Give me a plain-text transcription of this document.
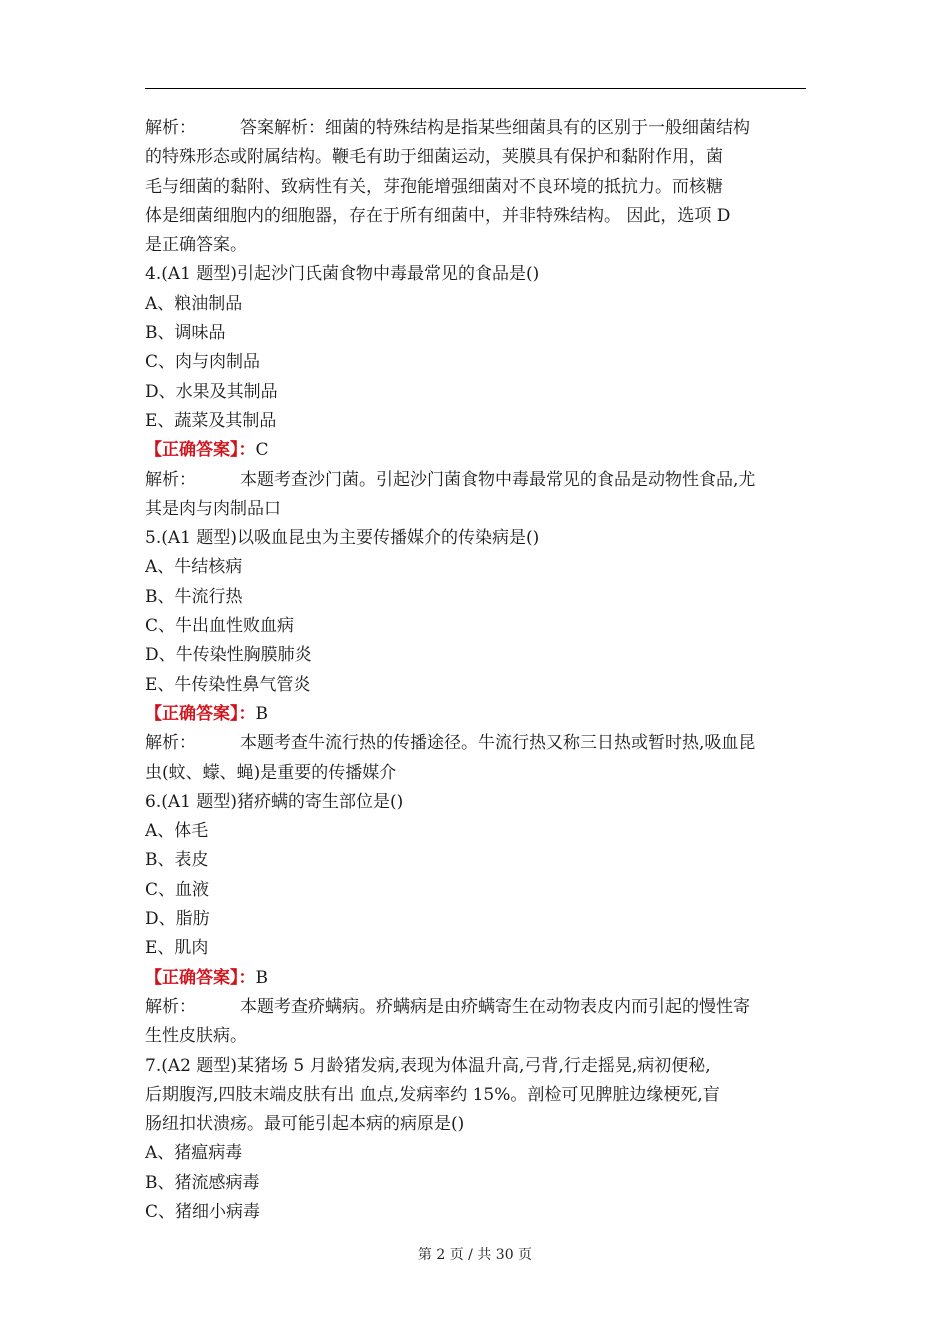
解析：	答案解析：细菌的特殊结构是指某些细菌具有的区别于一般细菌结构
的特殊形态或附属结构。鞭毛有助于细菌运动，荚膜具有保护和黏附作用，菌
毛与细菌的黏附、致病性有关，芽孢能增强细菌对不良环境的抵抗力。而核糖
体是细菌细胞内的细胞器，存在于所有细菌中，并非特殊结构。 因此，选项 D
是正确答案。
4.(A1 题型)引起沙门氏菌食物中毒最常见的食品是()
A、粮油制品
B、调味品
C、肉与肉制品
D、水果及其制品
E、蔬菜及其制品
【正确答案】：C
解析：	本题考查沙门菌。引起沙门菌食物中毒最常见的食品是动物性食品,尤
其是肉与肉制品口
5.(A1 题型)以吸血昆虫为主要传播媒介的传染病是()
A、牛结核病
B、牛流行热
C、牛出血性败血病
D、牛传染性胸膜肺炎
E、牛传染性鼻气管炎
【正确答案】：B
解析：	本题考查牛流行热的传播途径。牛流行热又称三日热或暂时热,吸血昆
虫(蚊、蠓、蝇)是重要的传播媒介
6.(A1 题型)猪疥螨的寄生部位是()
A、体毛
B、表皮
C、血液
D、脂肪
E、肌肉
【正确答案】：B
解析：	本题考查疥螨病。疥螨病是由疥螨寄生在动物表皮内而引起的慢性寄
生性皮肤病。
7.(A2 题型)某猪场 5 月龄猪发病,表现为体温升高,弓背,行走摇晃,病初便秘,
后期腹泻,四肢末端皮肤有出 血点,发病率约 15%。剖检可见脾脏边缘梗死,盲
肠纽扣状溃疡。最可能引起本病的病原是()
A、猪瘟病毒
B、猪流感病毒
C、猪细小病毒
第 2 页 / 共 30 页
